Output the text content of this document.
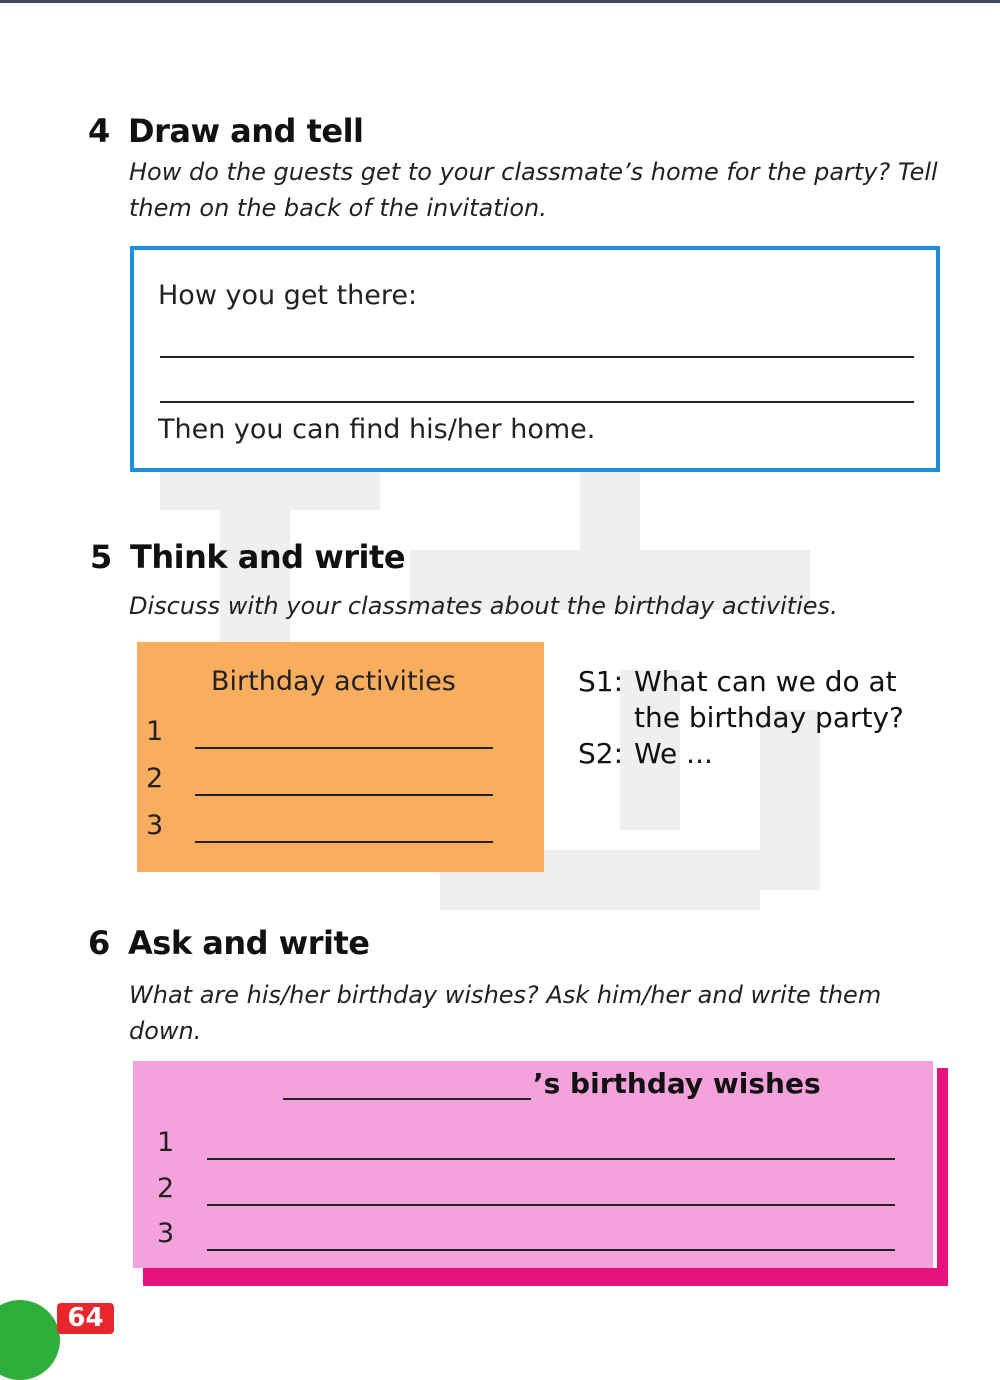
4 Draw and tell
How do the guests get to your classmate’s home for the party? Tell
them on the back of the invitation.
How you get there:
Then you can find his/her home.
5 Think and write
Discuss with your classmates about the birthday activities.
Birthday activities
1
2
3
S1: What can we do at
the birthday party?
S2: We ...
6 Ask and write
What are his/her birthday wishes? Ask him/her and write them
down.
’s birthday wishes
1
2
3
64
